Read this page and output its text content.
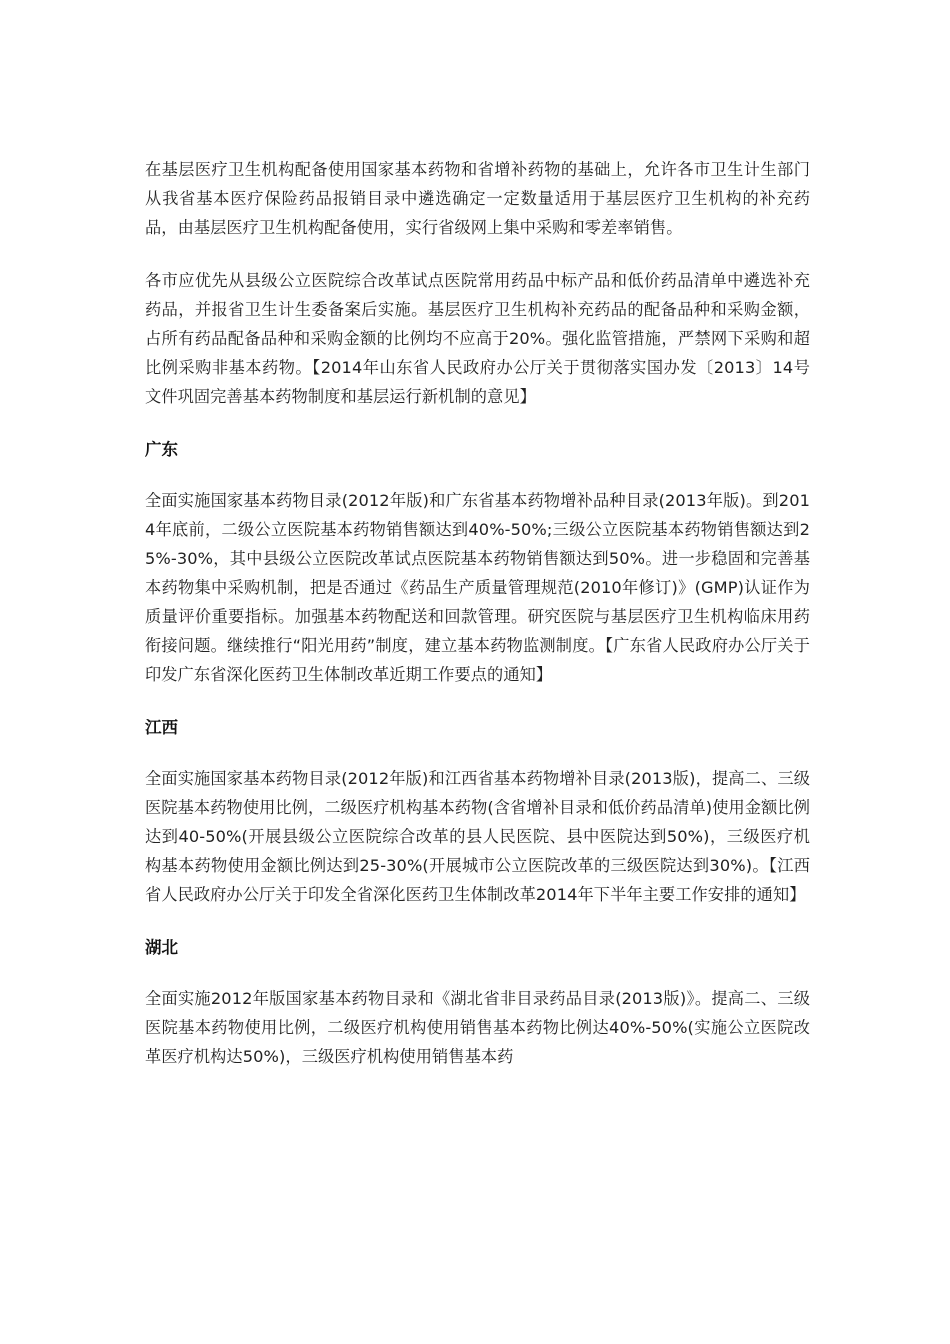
在基层医疗卫生机构配备使用国家基本药物和省增补药物的基础上，允许各市卫生计生部门从我省基本医疗保险药品报销目录中遴选确定一定数量适用于基层医疗卫生机构的补充药品，由基层医疗卫生机构配备使用，实行省级网上集中采购和零差率销售。

各市应优先从县级公立医院综合改革试点医院常用药品中标产品和低价药品清单中遴选补充药品，并报省卫生计生委备案后实施。基层医疗卫生机构补充药品的配备品种和采购金额，占所有药品配备品种和采购金额的比例均不应高于20%。强化监管措施，严禁网下采购和超比例采购非基本药物。【2014年山东省人民政府办公厅关于贯彻落实国办发〔2013〕14号文件巩固完善基本药物制度和基层运行新机制的意见】

广东

全面实施国家基本药物目录(2012年版)和广东省基本药物增补品种目录(2013年版)。到2014年底前，二级公立医院基本药物销售额达到40%-50%;三级公立医院基本药物销售额达到25%-30%，其中县级公立医院改革试点医院基本药物销售额达到50%。进一步稳固和完善基本药物集中采购机制，把是否通过《药品生产质量管理规范(2010年修订)》(GMP)认证作为质量评价重要指标。加强基本药物配送和回款管理。研究医院与基层医疗卫生机构临床用药衔接问题。继续推行“阳光用药”制度，建立基本药物监测制度。【广东省人民政府办公厅关于印发广东省深化医药卫生体制改革近期工作要点的通知】

江西

全面实施国家基本药物目录(2012年版)和江西省基本药物增补目录(2013版)，提高二、三级医院基本药物使用比例，二级医疗机构基本药物(含省增补目录和低价药品清单)使用金额比例达到40-50%(开展县级公立医院综合改革的县人民医院、县中医院达到50%)，三级医疗机构基本药物使用金额比例达到25-30%(开展城市公立医院改革的三级医院达到30%)。【江西省人民政府办公厅关于印发全省深化医药卫生体制改革2014年下半年主要工作安排的通知】

湖北

全面实施2012年版国家基本药物目录和《湖北省非目录药品目录(2013版)》。提高二、三级医院基本药物使用比例，二级医疗机构使用销售基本药物比例达40%-50%(实施公立医院改革医疗机构达50%)，三级医疗机构使用销售基本药
